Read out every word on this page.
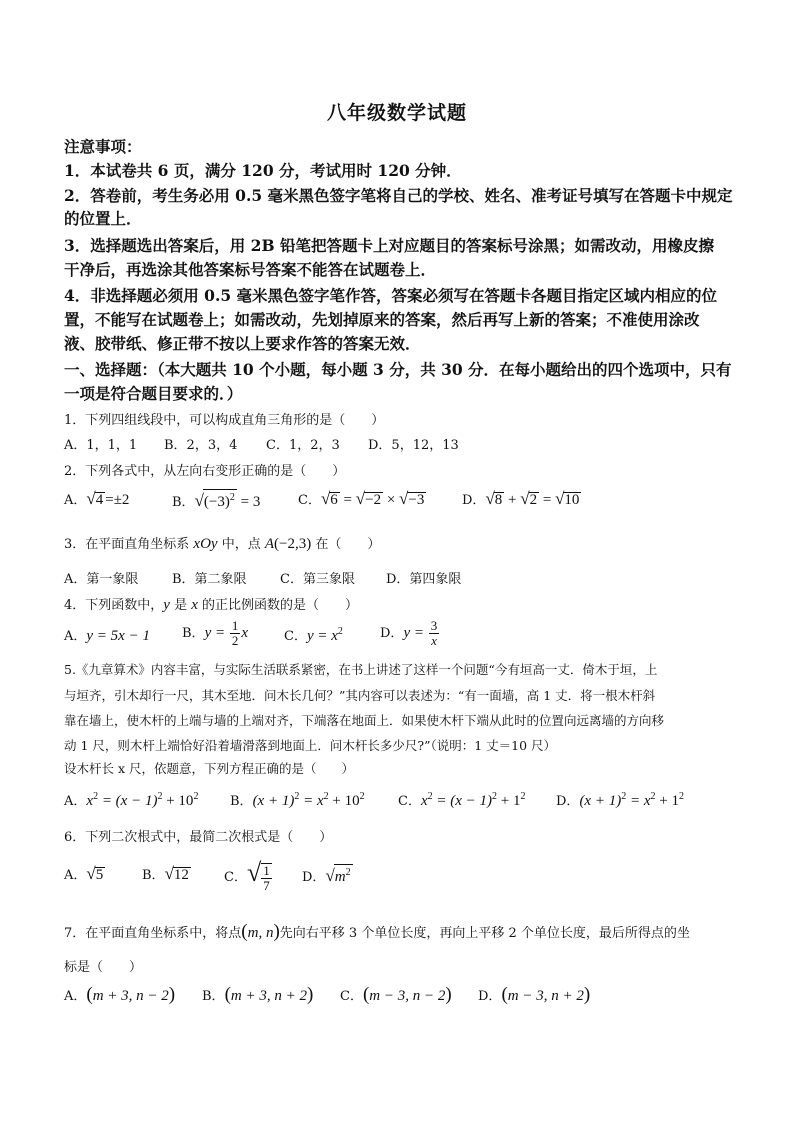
八年级数学试题
注意事项：
1．本试卷共 6 页，满分 120 分，考试用时 120 分钟．
2．答卷前，考生务必用 0.5 毫米黑色签字笔将自己的学校、姓名、准考证号填写在答题卡中规定
的位置上．
3．选择题选出答案后，用 2B 铅笔把答题卡上对应题目的答案标号涂黑；如需改动，用橡皮擦
干净后，再选涂其他答案标号答案不能答在试题卷上．
4．非选择题必须用 0.5 毫米黑色签字笔作答，答案必须写在答题卡各题目指定区域内相应的位
置，不能写在试题卷上；如需改动，先划掉原来的答案，然后再写上新的答案；不准使用涂改
液、胶带纸、修正带不按以上要求作答的答案无效．
一、选择题：（本大题共 10 个小题，每小题 3 分，共 30 分．在每小题给出的四个选项中，只有
一项是符合题目要求的．）
1．下列四组线段中，可以构成直角三角形的是（　　）
A．1，1，1 B．2，3，4 C．1，2，3 D．5，12，13
2．下列各式中，从左向右变形正确的是（　　）
A．√4 =±2	B．$√(-3)^2 = 3$	C．√6 = √−2 × √−3	D．√8 + √2 = √10
3．在平面直角坐标系 xOy 中，点 A(−2,3) 在（　　）
A．第一象限	B．第二象限	C．第三象限 D．第四象限
4．下列函数中，y 是 x 的正比例函数的是（　　）
A．y = 5x − 1 B．$y = \frac{1}{2}$ x	C．$y = x^2$	D．$y = \frac{3}{x}$
5.《九章算术》内容丰富，与实际生活联系紧密，在书上讲述了这样一个问题“今有垣高一丈．倚木于垣，上
与垣齐，引木却行一尺，其木至地．问木长几何？”其内容可以表述为：“有一面墙，高 1 丈．将一根木杆斜
靠在墙上，使木杆的上端与墙的上端对齐，下端落在地面上．如果使木杆下端从此时的位置向远离墙的方向移
动 1 尺，则木杆上端恰好沿着墙滑落到地面上．问木杆长多少尺?”（说明：1 丈＝10 尺）
设木杆长 x 尺，依题意，下列方程正确的是（　　）
A．$x^2 = (x - 1)^2 + 10^2$ B．$(x + 1)^2 = x^2 + 10^2$	C．$x^2 = (x - 1)^2 + 1^2$ D．$(x + 1)^2 = x^2 + 1^2$
6．下列二次根式中，最简二次根式是（　　）
A．√5	B．√12	C．√ $\frac{1}{7}$ D．$√m^2$
7．在平面直角坐标系中，将点(m, n)先向右平移 3 个单位长度，再向上平移 2 个单位长度，最后所得点的坐
标是（　　）
A．(m + 3, n − 2) B．(m + 3, n + 2) C．(m − 3, n − 2) D．(m − 3, n + 2)
